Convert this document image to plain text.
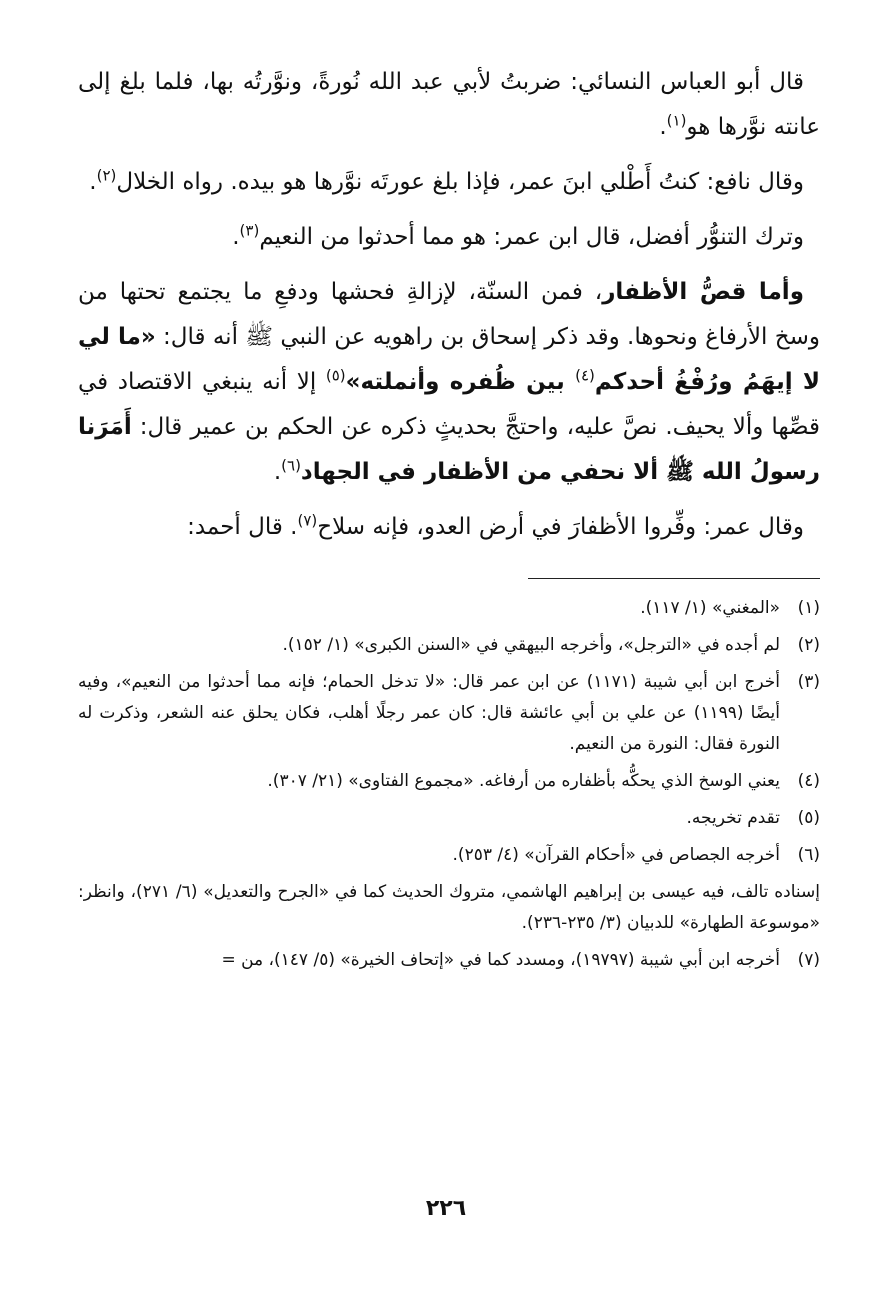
قال أبو العباس النسائي: ضربتُ لأبي عبد الله نُورةً، ونوَّرتُه بها، فلما بلغ إلى عانته نوَّرها هو$^{(١)}$.

وقال نافع: كنتُ أَطْلي ابنَ عمر، فإذا بلغ عورتَه نوَّرها هو بيده. رواه الخلال$^{(٢)}$.

وترك التنوُّر أفضل، قال ابن عمر: هو مما أحدثوا من النعيم$^{(٣)}$.

وأما قصُّ الأظفار، فمن السنّة، لإزالةِ فحشها ودفعِ ما يجتمع تحتها من وسخ الأرفاغ ونحوها. وقد ذكر إسحاق بن راهويه عن النبي ﷺ أنه قال: «ما لي لا إيهَمُ ورُفْغُ أحدكم$^{(٤)}$ بين ظُفره وأنملته»$^{(٥)}$ إلا أنه ينبغي الاقتصاد في قصِّها وألا يحيف. نصَّ عليه، واحتجَّ بحديثٍ ذكره عن الحكم بن عمير قال: أَمَرَنا رسولُ الله ﷺ ألا نحفي من الأظفار في الجهاد$^{(٦)}$.

وقال عمر: وفِّروا الأظفارَ في أرض العدو، فإنه سلاح$^{(٧)}$. قال أحمد:

(١)
«المغني» (١/ ١١٧).
(٢)
لم أجده في «الترجل»، وأخرجه البيهقي في «السنن الكبرى» (١/ ١٥٢).
(٣)
أخرج ابن أبي شيبة (١١٧١) عن ابن عمر قال: «لا تدخل الحمام؛ فإنه مما أحدثوا من النعيم»، وفيه أيضًا (١١٩٩) عن علي بن أبي عائشة قال: كان عمر رجلًا أهلب، فكان يحلق عنه الشعر، وذكرت له النورة فقال: النورة من النعيم.
(٤)
يعني الوسخ الذي يحكُّه بأظفاره من أرفاغه. «مجموع الفتاوى» (٢١/ ٣٠٧).
(٥)
تقدم تخريجه.
(٦)
أخرجه الجصاص في «أحكام القرآن» (٤/ ٢٥٣).
إسناده تالف، فيه عيسى بن إبراهيم الهاشمي، متروك الحديث كما في «الجرح والتعديل» (٦/ ٢٧١)، وانظر: «موسوعة الطهارة» للدبيان (٣/ ٢٣٥-٢٣٦).
(٧)
أخرجه ابن أبي شيبة (١٩٧٩٧)، ومسدد كما في «إتحاف الخيرة» (٥/ ١٤٧)، من =
٢٢٦
